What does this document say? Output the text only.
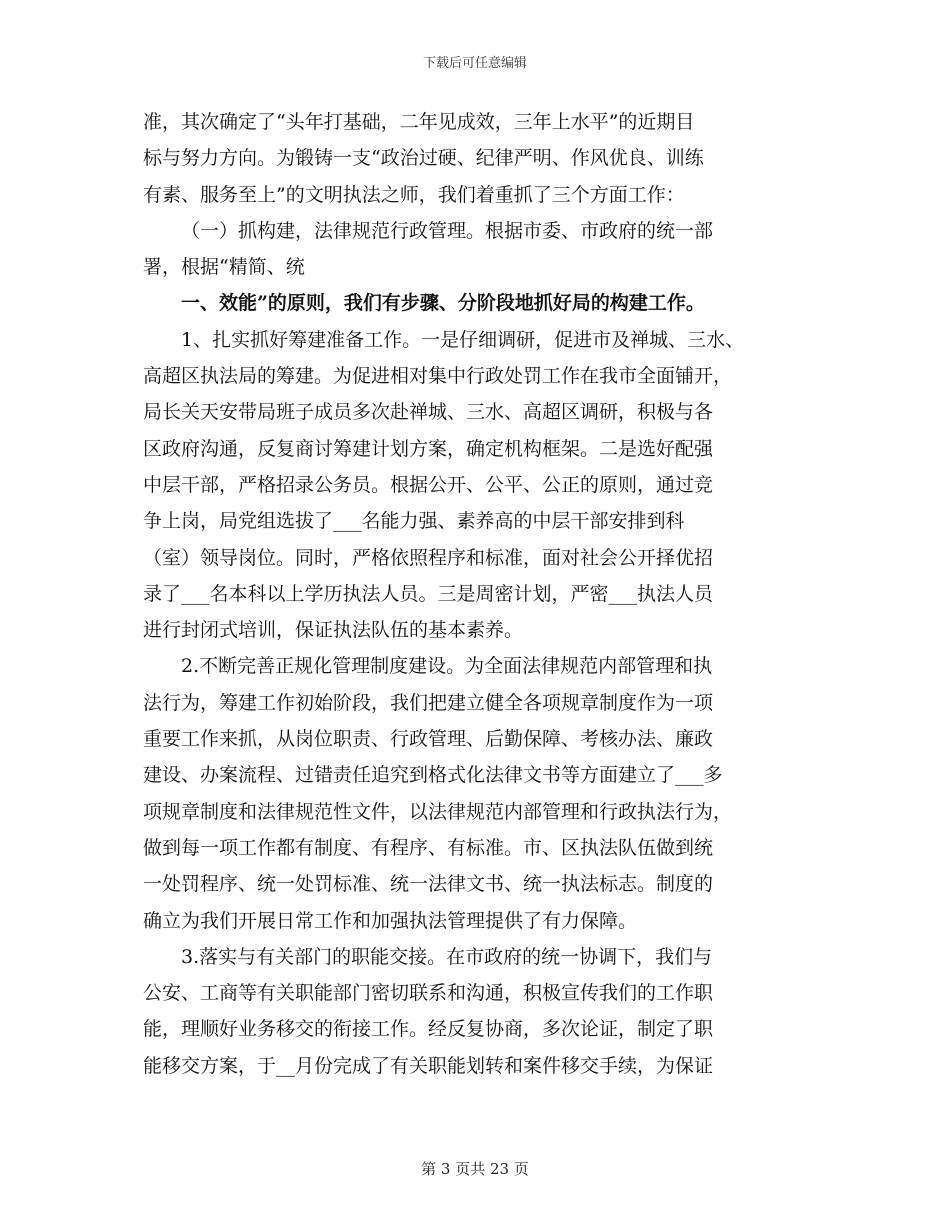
下载后可任意编辑
准，其次确定了“头年打基础，二年见成效，三年上水平”的近期目
标与努力方向。为锻铸一支“政治过硬、纪律严明、作风优良、训练
有素、服务至上”的文明执法之师，我们着重抓了三个方面工作：
（一）抓构建，法律规范行政管理。根据市委、市政府的统一部
署，根据“精简、统
一、效能”的原则，我们有步骤、分阶段地抓好局的构建工作。
1、扎实抓好筹建准备工作。一是仔细调研，促进市及禅城、三水、
高超区执法局的筹建。为促进相对集中行政处罚工作在我市全面铺开，
局长关天安带局班子成员多次赴禅城、三水、高超区调研，积极与各
区政府沟通，反复商讨筹建计划方案，确定机构框架。二是选好配强
中层干部，严格招录公务员。根据公开、公平、公正的原则，通过竞
争上岗，局党组选拔了___名能力强、素养高的中层干部安排到科
（室）领导岗位。同时，严格依照程序和标准，面对社会公开择优招
录了___名本科以上学历执法人员。三是周密计划，严密___执法人员
进行封闭式培训，保证执法队伍的基本素养。
2.不断完善正规化管理制度建设。为全面法律规范内部管理和执
法行为，筹建工作初始阶段，我们把建立健全各项规章制度作为一项
重要工作来抓，从岗位职责、行政管理、后勤保障、考核办法、廉政
建设、办案流程、过错责任追究到格式化法律文书等方面建立了___多
项规章制度和法律规范性文件，以法律规范内部管理和行政执法行为，
做到每一项工作都有制度、有程序、有标准。市、区执法队伍做到统
一处罚程序、统一处罚标准、统一法律文书、统一执法标志。制度的
确立为我们开展日常工作和加强执法管理提供了有力保障。
3.落实与有关部门的职能交接。在市政府的统一协调下，我们与
公安、工商等有关职能部门密切联系和沟通，积极宣传我们的工作职
能，理顺好业务移交的衔接工作。经反复协商，多次论证，制定了职
能移交方案，于__月份完成了有关职能划转和案件移交手续，为保证
第 3 页共 23 页
